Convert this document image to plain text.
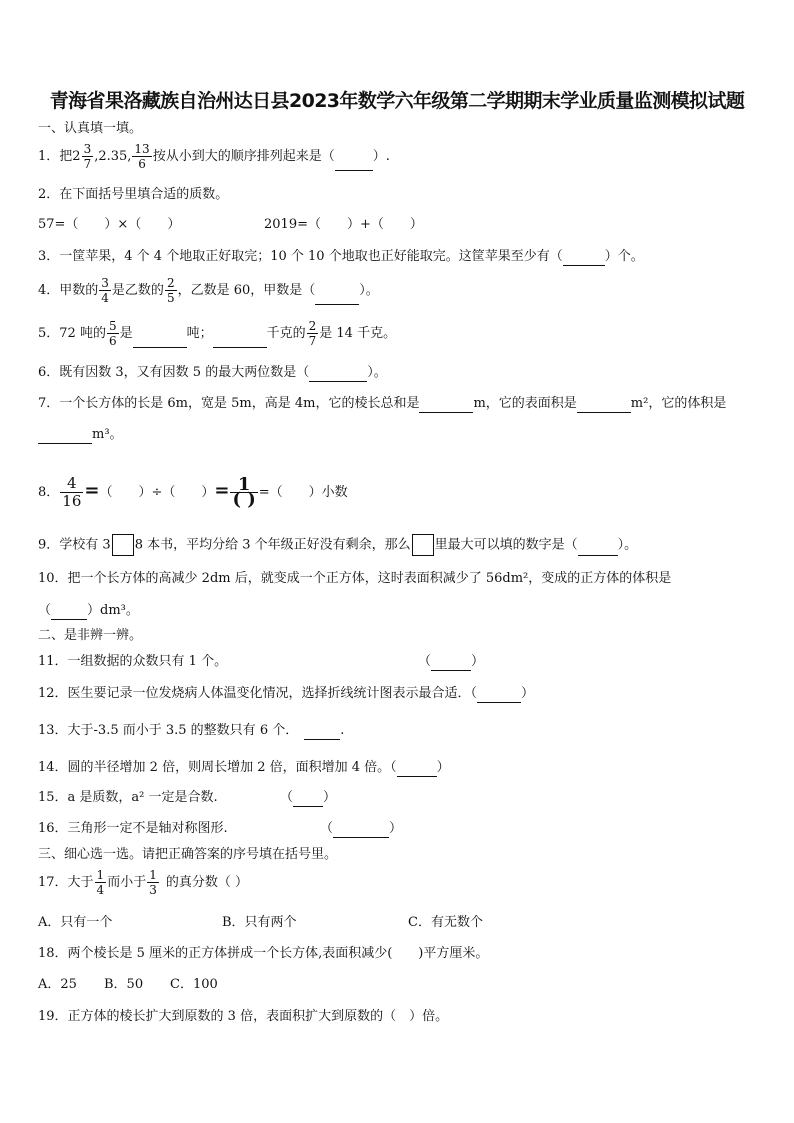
青海省果洛藏族自治州达日县2023年数学六年级第二学期期末学业质量监测模拟试题
一、认真填一填。
1．把$2 \frac{3}{7} ,2.35$, $\frac{13}{6}$ 按从小到大的顺序排列起来是（	）.
2．在下面括号里填合适的质数。
57=（　　）×（　　）	2019=（　　）+（　　）
3．一筐苹果，4 个 4 个地取正好取完；10 个 10 个地取也正好能取完。这筐苹果至少有（	）个。
4．甲数的 $\frac{3}{4}$ 是乙数的 $\frac{2}{5}$ ，乙数是 60，甲数是（	）。
5．72 吨的 $\frac{5}{6}$ 是	吨；	千克的 $\frac{2}{7}$ 是 14 千克。
6．既有因数 3，又有因数 5 的最大两位数是（	）。
7．一个长方体的长是 6m，宽是 5m，高是 4m，它的棱长总和是	m，它的表面积是	m²，它的体积是
m³。
8． $\frac{4}{16}$ =（　　）÷（　　）= $\frac{1}{( )}$ =（　　）小数
9．学校有 3 8 本书，平均分给 3 个年级正好没有剩余，那么 里最大可以填的数字是（	）。
10．把一个长方体的高减少 2dm 后，就变成一个正方体，这时表面积减少了 56dm²，变成的正方体的体积是
（	）dm³。
二、是非辨一辨。
11．一组数据的众数只有 1 个。	（	）
12．医生要记录一位发烧病人体温变化情况，选择折线统计图表示最合适．（	）
13．大于-3.5 而小于 3.5 的整数只有 6 个．	.
14．圆的半径增加 2 倍，则周长增加 2 倍，面积增加 4 倍。（	）
15．a 是质数，a² 一定是合数.	（ ）
16．三角形一定不是轴对称图形.	（	）
三、细心选一选。请把正确答案的序号填在括号里。
17．大于 $\frac{1}{4}$ 而小于 $\frac{1}{3}$ 的真分数（ ）
A．只有一个	B．只有两个	C．有无数个
18．两个棱长是 5 厘米的正方体拼成一个长方体,表面积减少(　　)平方厘米。
A．25 B．50 C．100
19．正方体的棱长扩大到原数的 3 倍，表面积扩大到原数的（　）倍。
